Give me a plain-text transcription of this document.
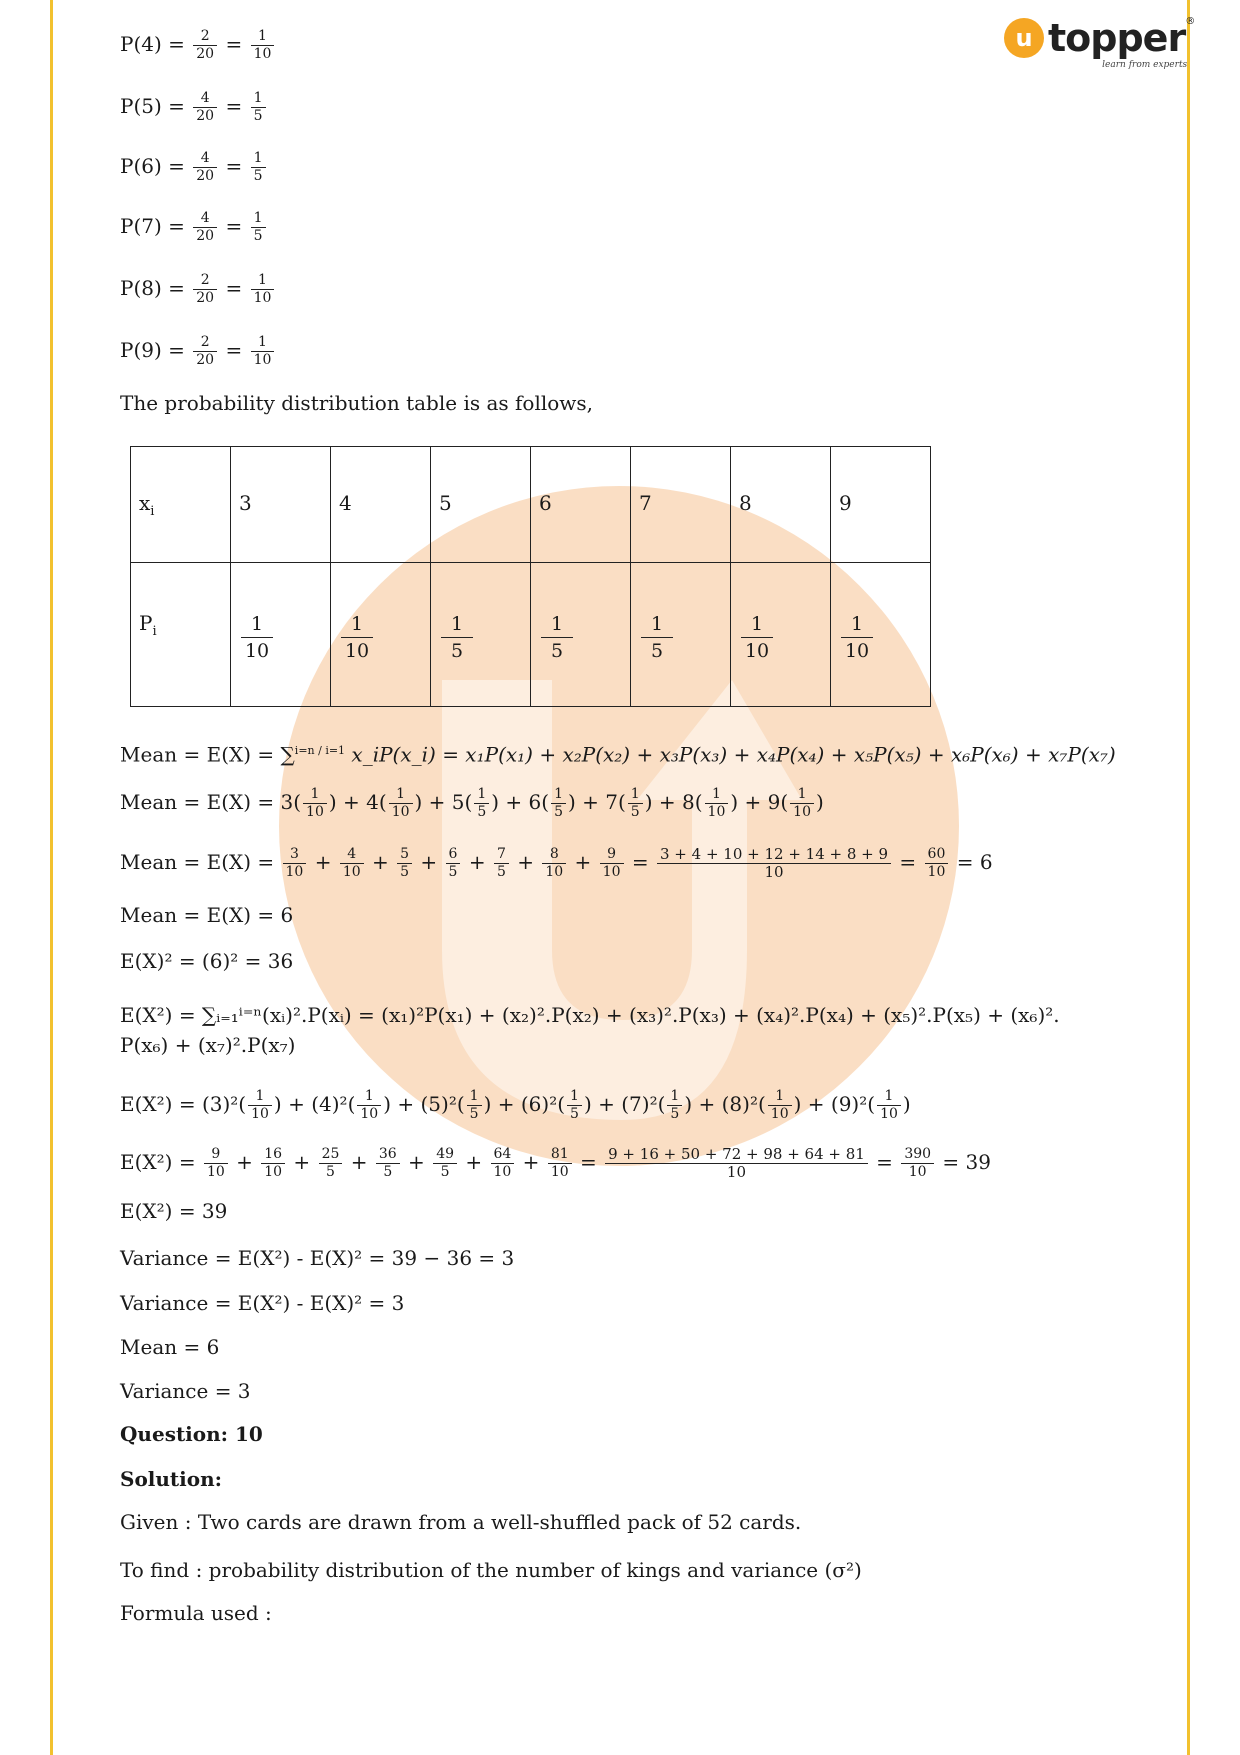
u topper ®
learn from experts
$P(4) = \frac{2}{20} = \frac{1}{10}$
$P(5) = \frac{4}{20} = \frac{1}{5}$
$P(6) = \frac{4}{20} = \frac{1}{5}$
$P(7) = \frac{4}{20} = \frac{1}{5}$
$P(8) = \frac{2}{20} = \frac{1}{10}$
$P(9) = \frac{2}{20} = \frac{1}{10}$
The probability distribution table is as follows,
$x_i$	3	4	5	6	7	8	9
$P_i$	$\frac{1}{10}$	$\frac{1}{10}$	$\frac{1}{5}$	$\frac{1}{5}$	$\frac{1}{5}$	$\frac{1}{10}$	$\frac{1}{10}$
Mean = E(X) = ∑$^{i=n / i=1}$ x_iP(x_i) = x₁P(x₁) + x₂P(x₂) + x₃P(x₃) + x₄P(x₄) + x₅P(x₅) + x₆P(x₆) + x₇P(x₇)
Mean = $E(X) = 3( \frac{1}{10}$ ) + $4( \frac{1}{10}$ ) + $5( \frac{1}{5}$ ) + $6( \frac{1}{5}$ ) + $7( \frac{1}{5}$ ) + $8( \frac{1}{10}$ ) + $9( \frac{1}{10}$ )
Mean = $E(X) = \frac{3}{10} + \frac{4}{10} + \frac{5}{5} + \frac{6}{5} + \frac{7}{5} + \frac{8}{10} + \frac{9}{10} = \frac{3 + 4 + 10 + 12 + 14 + 8 + 9}{10} = \frac{60}{10} = 6$
Mean = E(X) = 6
E(X)² = (6)² = 36
E(X²) = ∑ᵢ₌₁ⁱ⁼ⁿ(xᵢ)².P(xᵢ) = (x₁)²P(x₁) + (x₂)².P(x₂) + (x₃)².P(x₃) + (x₄)².P(x₄) + (x₅)².P(x₅) + (x₆)².
P(x₆) + (x₇)².P(x₇)
$E(X^2) = (3)^2( \frac{1}{10}$ ) + $(4)^2( \frac{1}{10}$ ) + $(5)^2( \frac{1}{5}$ ) + $(6)^2( \frac{1}{5}$ ) + $(7)^2( \frac{1}{5}$ ) + $(8)^2( \frac{1}{10}$ ) + $(9)^2( \frac{1}{10}$ )
$E(X^2) = \frac{9}{10} + \frac{16}{10} + \frac{25}{5} + \frac{36}{5} + \frac{49}{5} + \frac{64}{10} + \frac{81}{10} = \frac{9 + 16 + 50 + 72 + 98 + 64 + 81}{10} = \frac{390}{10} = 39$
E(X²) = 39
Variance = E(X²) - E(X)² = 39 − 36 = 3
Variance = E(X²) - E(X)² = 3
Mean = 6
Variance = 3
Question: 10
Solution:
Given : Two cards are drawn from a well-shuffled pack of 52 cards.
To find : probability distribution of the number of kings and variance (σ²)
Formula used :
